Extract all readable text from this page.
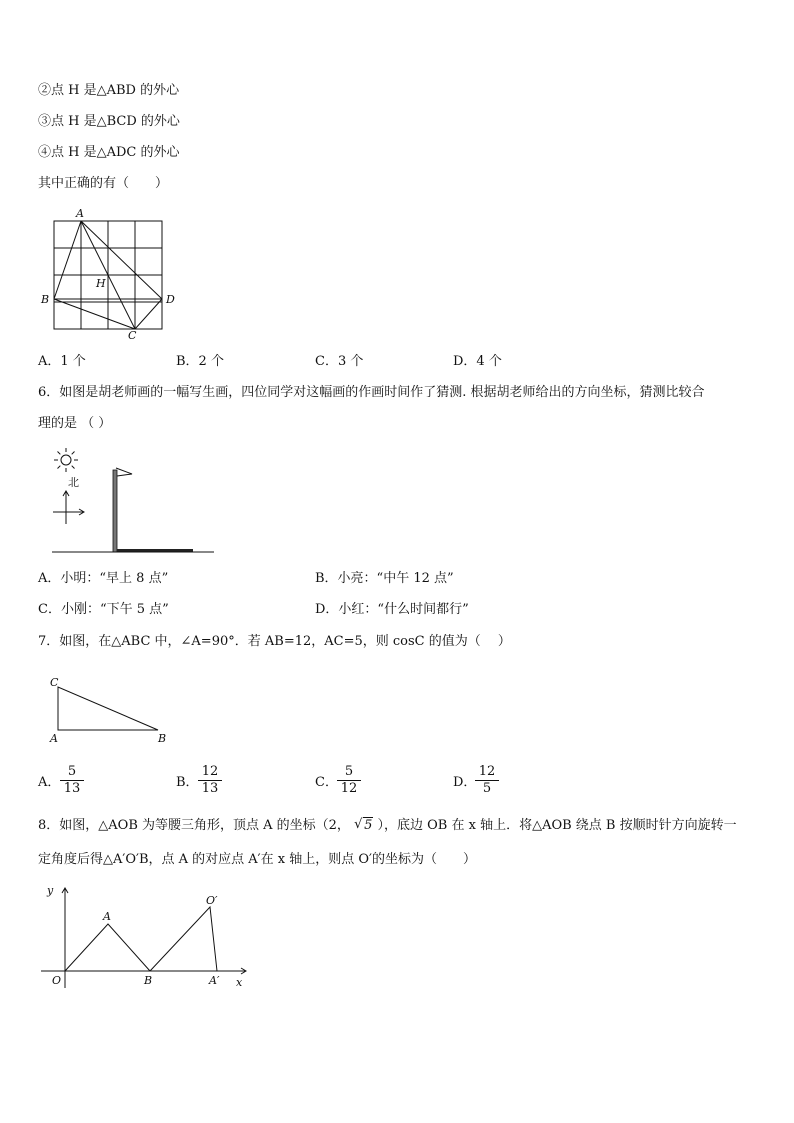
②点 H 是△ABD 的外心
③点 H 是△BCD 的外心
④点 H 是△ADC 的外心
其中正确的有（　　）
A
B
C
D
H
A．1 个	B．2 个	C．3 个	D．4 个
6．如图是胡老师画的一幅写生画，四位同学对这幅画的作画时间作了猜测. 根据胡老师给出的方向坐标，猜测比较合
理的是 （ ）
北
A．小明：“早上 8 点”	B．小亮：“中午 12 点”
C．小刚：“下午 5 点”	D．小红：“什么时间都行”
7．如图，在△ABC 中，∠A=90°．若 AB=12，AC=5，则 cosC 的值为（　 ）
C
A	B
A． $\frac{5}{13}$	B． $\frac{12}{13}$	C． $\frac{5}{12}$	D．
$\frac{12}{5}$
8．如图，△AOB 为等腰三角形，顶点 A 的坐标（2， √ 5 ），底边 OB 在 x 轴上．将△AOB 绕点 B 按顺时针方向旋转一
定角度后得△A′O′B，点 A 的对应点 A′在 x 轴上，则点 O′的坐标为（　　）
y
x
O
A
B
O′
A′
